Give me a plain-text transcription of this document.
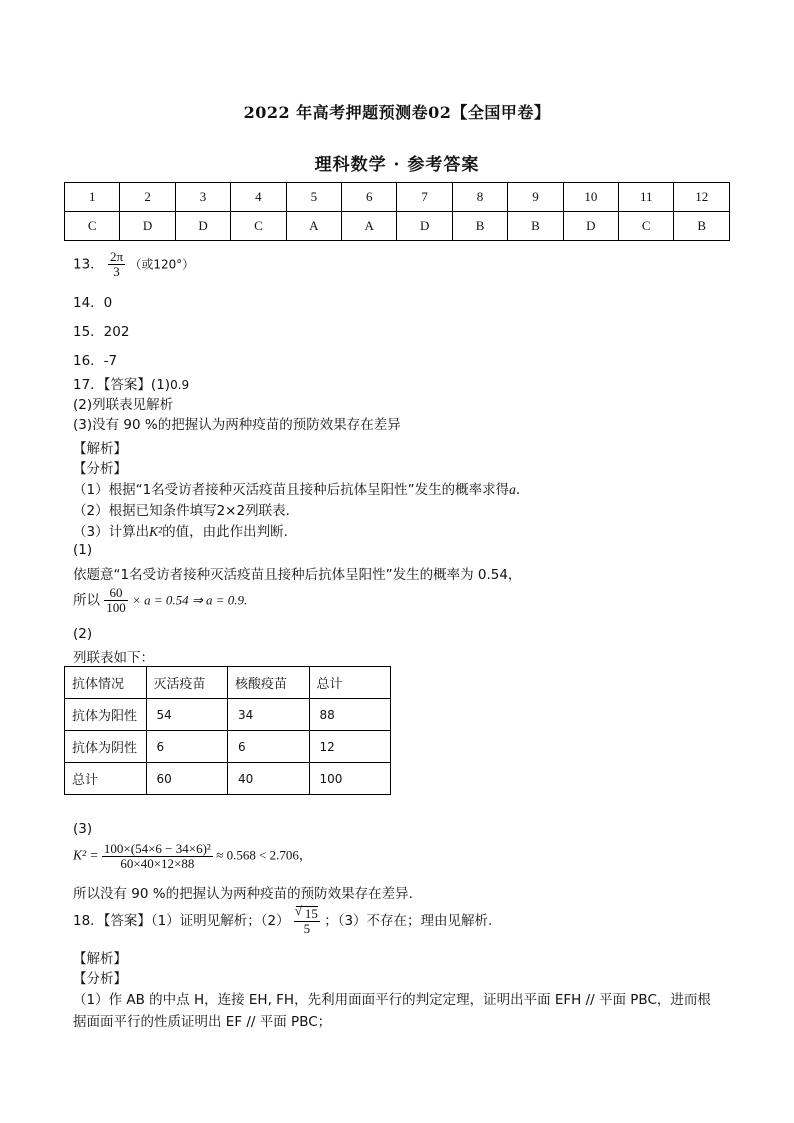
2022 年高考押题预测卷02【全国甲卷】
理科数学 · 参考答案
1	2	3	4	5	6	7	8	9	10	11	12
C	D	D	C	A	A	D	B	B	D	C	B
13． $\frac{2\pi}{3}$ （或120°）
14．0
15．202
16．-7
17．【答案】(1)0.9
(2)列联表见解析
(3)没有 90 %的把握认为两种疫苗的预防效果存在差异
【解析】
【分析】
（1）根据“1名受访者接种灭活疫苗且接种后抗体呈阳性”发生的概率求得a.
（2）根据已知条件填写2×2列联表.
（3）计算出K²的值，由此作出判断.
(1)
依题意“1名受访者接种灭活疫苗且接种后抗体呈阳性”发生的概率为 0.54，
所以 $\frac{60}{100} \times a = 0.54$ ⇒ a = 0.9.
(2)
列联表如下：
抗体情况	灭活疫苗	核酸疫苗	总计
抗体为阳性	54	34	88
抗体为阴性	6	6	12
总计	60	40	100
(3)
$K^2 = \frac{\text{100×(54×6 − 34×6)²}}{60\times 40\times 12\times 88} \approx 0.568 < 2.706$，
所以没有 90 %的把握认为两种疫苗的预防效果存在差异.
18．【答案】（1）证明见解析；（2） √ $\frac{15}{5}$ ；（3）不存在；理由见解析.
【解析】
【分析】
（1）作 AB 的中点 H，连接 EH, FH，先利用面面平行的判定定理，证明出平面 EFH // 平面 PBC，进而根
据面面平行的性质证明出 EF // 平面 PBC；
